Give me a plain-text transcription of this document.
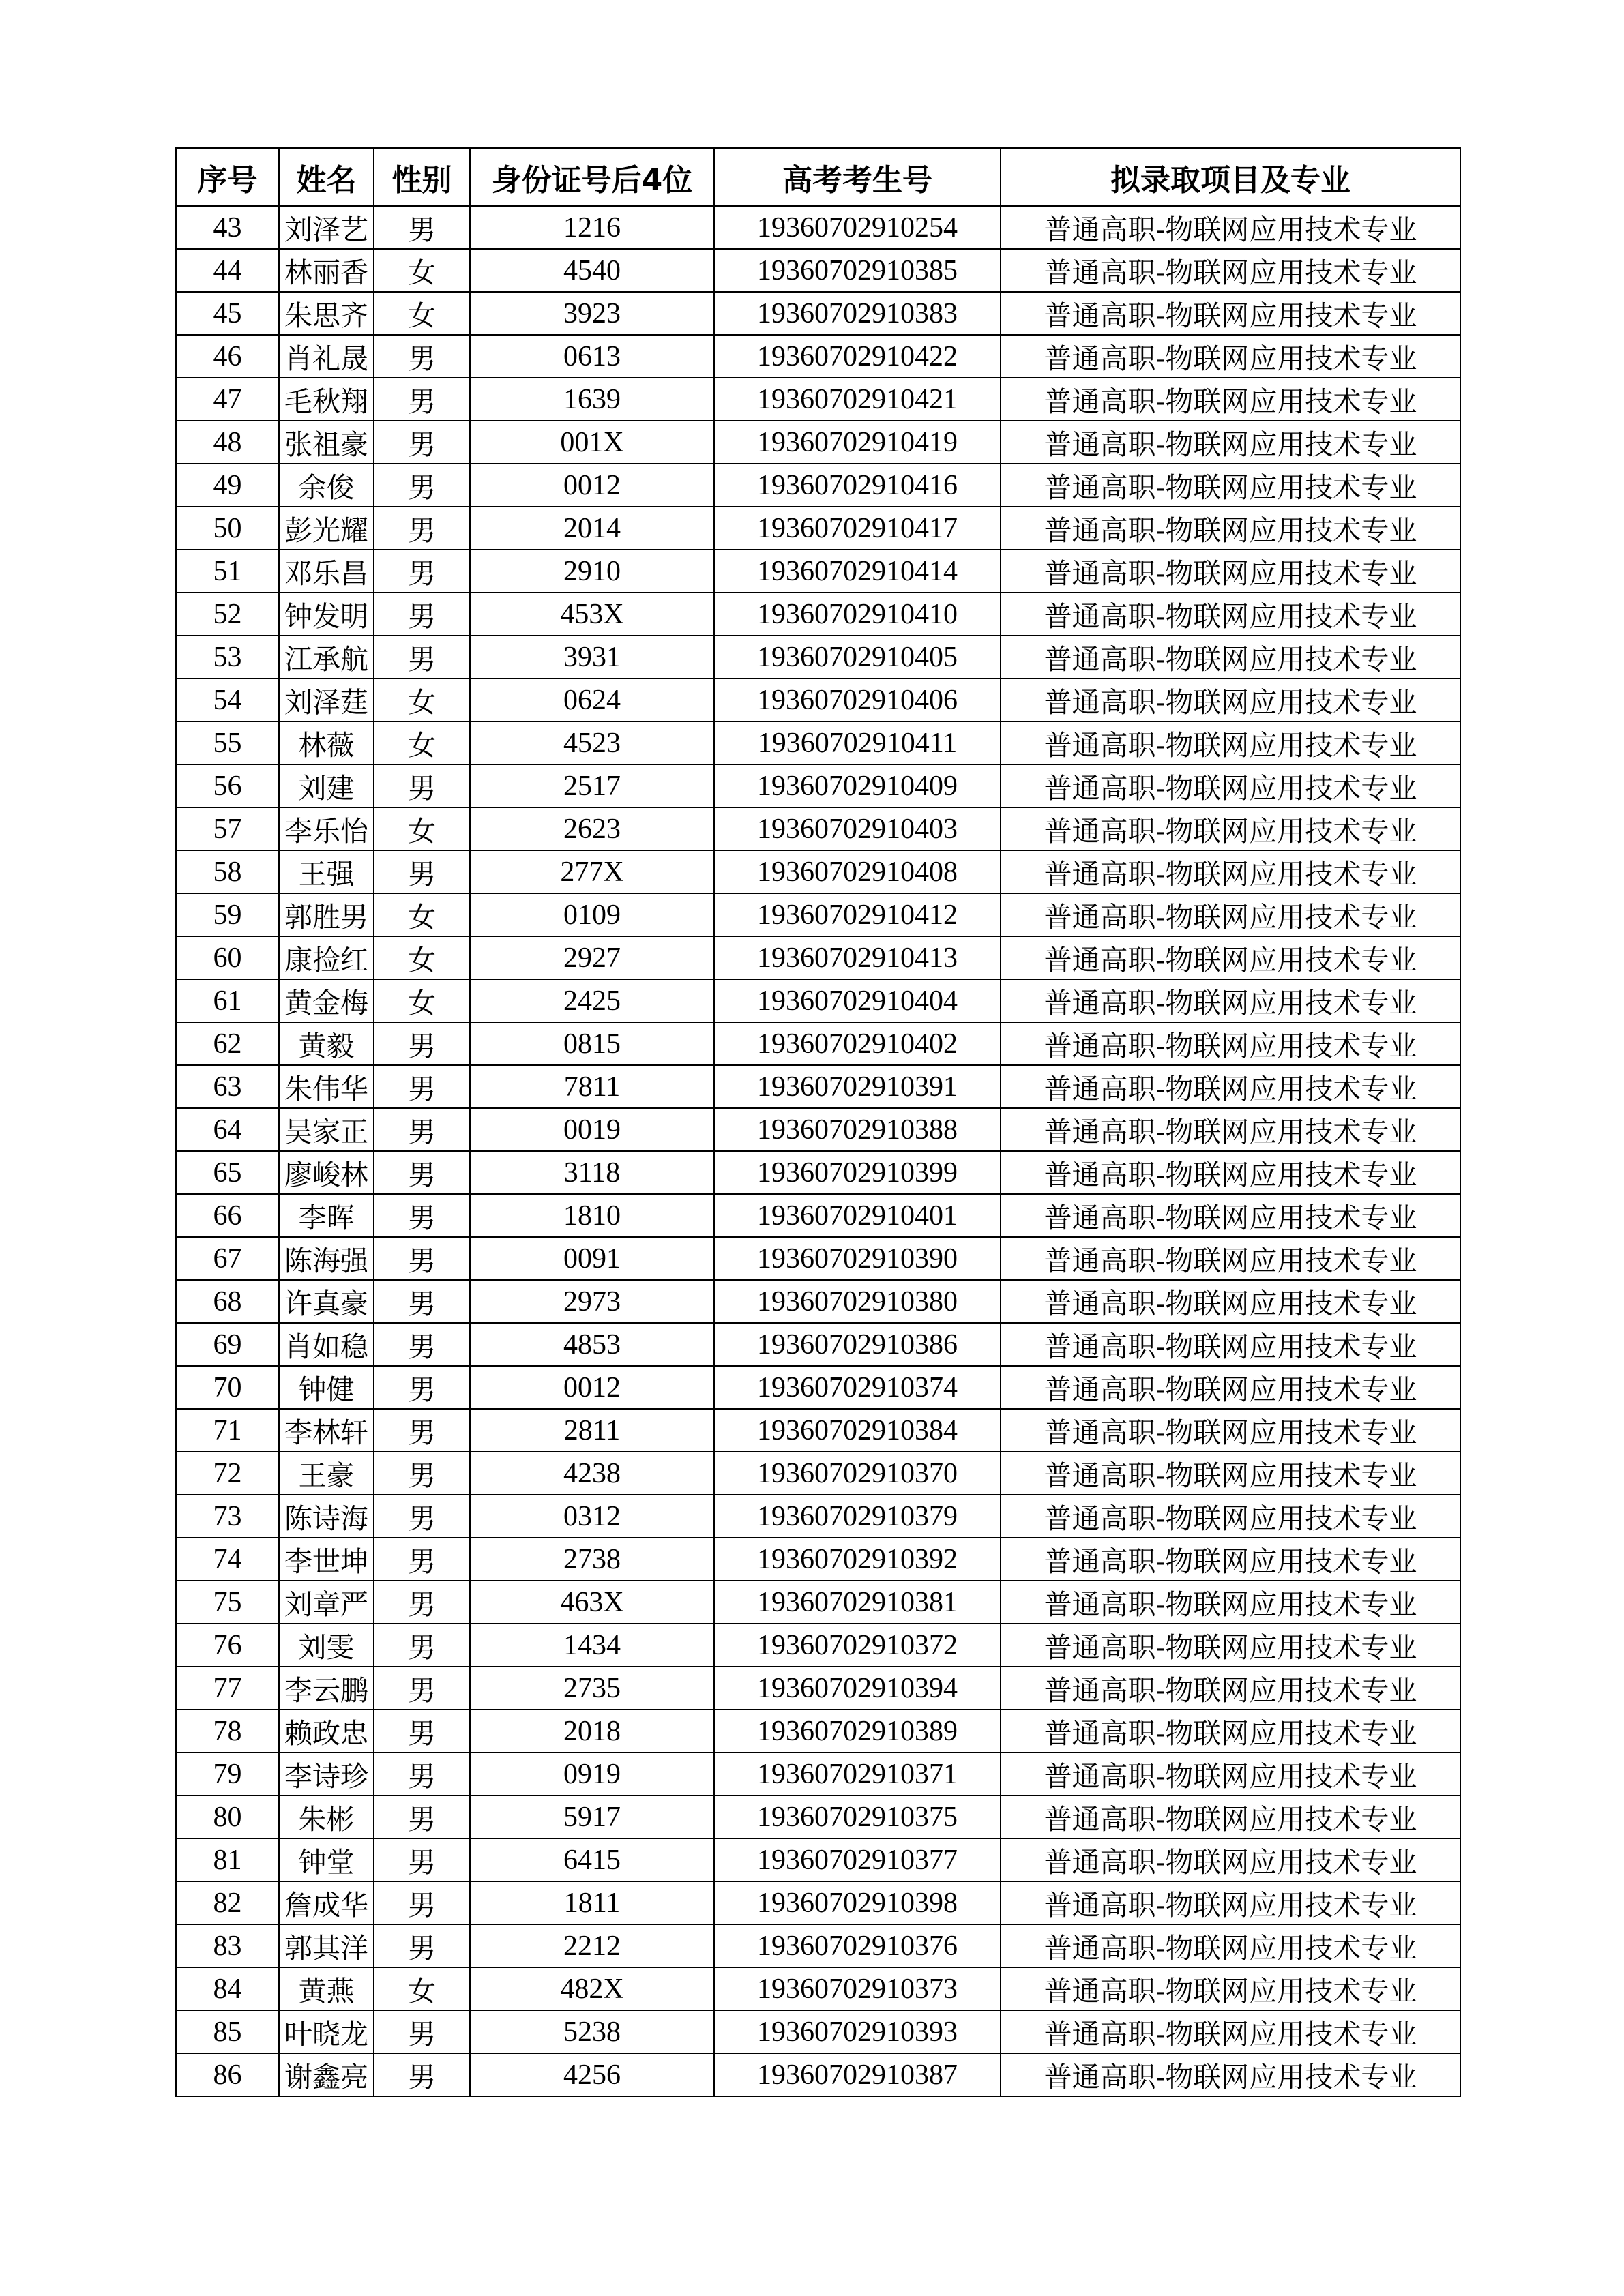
序号	姓名	性别	身份证号后4位	高考考生号	拟录取项目及专业
43	刘泽艺	男	1216	19360702910254	普通高职-物联网应用技术专业
44	林丽香	女	4540	19360702910385	普通高职-物联网应用技术专业
45	朱思齐	女	3923	19360702910383	普通高职-物联网应用技术专业
46	肖礼晟	男	0613	19360702910422	普通高职-物联网应用技术专业
47	毛秋翔	男	1639	19360702910421	普通高职-物联网应用技术专业
48	张祖豪	男	001X	19360702910419	普通高职-物联网应用技术专业
49	余俊	男	0012	19360702910416	普通高职-物联网应用技术专业
50	彭光耀	男	2014	19360702910417	普通高职-物联网应用技术专业
51	邓乐昌	男	2910	19360702910414	普通高职-物联网应用技术专业
52	钟发明	男	453X	19360702910410	普通高职-物联网应用技术专业
53	江承航	男	3931	19360702910405	普通高职-物联网应用技术专业
54	刘泽莛	女	0624	19360702910406	普通高职-物联网应用技术专业
55	林薇	女	4523	19360702910411	普通高职-物联网应用技术专业
56	刘建	男	2517	19360702910409	普通高职-物联网应用技术专业
57	李乐怡	女	2623	19360702910403	普通高职-物联网应用技术专业
58	王强	男	277X	19360702910408	普通高职-物联网应用技术专业
59	郭胜男	女	0109	19360702910412	普通高职-物联网应用技术专业
60	康捡红	女	2927	19360702910413	普通高职-物联网应用技术专业
61	黄金梅	女	2425	19360702910404	普通高职-物联网应用技术专业
62	黄毅	男	0815	19360702910402	普通高职-物联网应用技术专业
63	朱伟华	男	7811	19360702910391	普通高职-物联网应用技术专业
64	吴家正	男	0019	19360702910388	普通高职-物联网应用技术专业
65	廖峻林	男	3118	19360702910399	普通高职-物联网应用技术专业
66	李晖	男	1810	19360702910401	普通高职-物联网应用技术专业
67	陈海强	男	0091	19360702910390	普通高职-物联网应用技术专业
68	许真豪	男	2973	19360702910380	普通高职-物联网应用技术专业
69	肖如稳	男	4853	19360702910386	普通高职-物联网应用技术专业
70	钟健	男	0012	19360702910374	普通高职-物联网应用技术专业
71	李林轩	男	2811	19360702910384	普通高职-物联网应用技术专业
72	王豪	男	4238	19360702910370	普通高职-物联网应用技术专业
73	陈诗海	男	0312	19360702910379	普通高职-物联网应用技术专业
74	李世坤	男	2738	19360702910392	普通高职-物联网应用技术专业
75	刘章严	男	463X	19360702910381	普通高职-物联网应用技术专业
76	刘雯	男	1434	19360702910372	普通高职-物联网应用技术专业
77	李云鹏	男	2735	19360702910394	普通高职-物联网应用技术专业
78	赖政忠	男	2018	19360702910389	普通高职-物联网应用技术专业
79	李诗珍	男	0919	19360702910371	普通高职-物联网应用技术专业
80	朱彬	男	5917	19360702910375	普通高职-物联网应用技术专业
81	钟堂	男	6415	19360702910377	普通高职-物联网应用技术专业
82	詹成华	男	1811	19360702910398	普通高职-物联网应用技术专业
83	郭其洋	男	2212	19360702910376	普通高职-物联网应用技术专业
84	黄燕	女	482X	19360702910373	普通高职-物联网应用技术专业
85	叶晓龙	男	5238	19360702910393	普通高职-物联网应用技术专业
86	谢鑫亮	男	4256	19360702910387	普通高职-物联网应用技术专业
